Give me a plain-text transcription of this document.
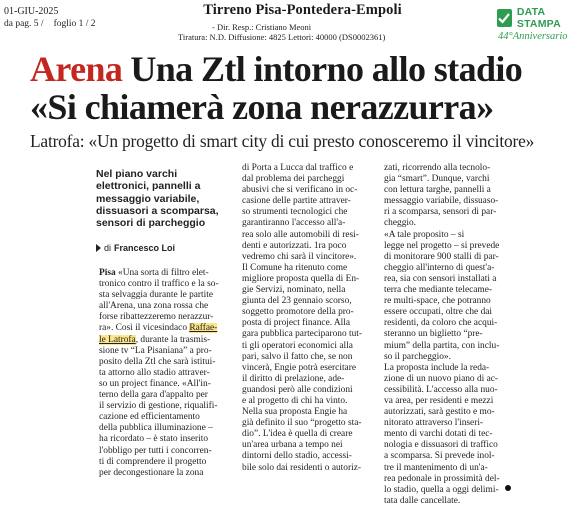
01-GIU-2025
da pag. 5 / foglio 1 / 2
Tirreno Pisa-Pontedera-Empoli
- Dir. Resp.: Cristiano Meoni
Tiratura: N.D. Diffusione: 4825 Lettori: 40000 (DS0002361)
DATA STAMPA
44°Anniversario
Arena Una Ztl intorno allo stadio
«Si chiamerà zona nerazzurra»
Latrofa: «Un progetto di smart city di cui presto conosceremo il vincitore»
Nel piano varchi elettronici, pannelli a messaggio variabile, dissuasori a scomparsa, sensori di parcheggio
di Francesco Loi
Pisa «Una sorta di filtro elet-
tronico contro il traffico e la so-
sta selvaggia durante le partite
all'Arena, una zona rossa che
forse ribattezzeremo nerazzur-
ra». Così il vicesindaco Raffae-
le Latrofa, durante la trasmis-
sione tv “La Pisaniana” a pro-
posito della Ztl che sarà istitui-
ta attorno allo stadio attraver-
so un project finance. «All'in-
terno della gara d'appalto per
il servizio di gestione, riqualifi-
cazione ed efficientamento
della pubblica illuminazione –
ha ricordato – è stato inserito
l'obbligo per tutti i concorren-
ti di comprendere il progetto
per decongestionare la zona
di Porta a Lucca dal traffico e
dal problema dei parcheggi
abusivi che si verificano in oc-
casione delle partite attraver-
so strumenti tecnologici che
garantiranno l'accesso all'a-
rea solo alle automobili di resi-
denti e autorizzati. 1ra poco
vedremo chi sarà il vincitore».
Il Comune ha ritenuto come
migliore proposta quella di En-
gie Servizi, nominato, nella
giunta del 23 gennaio scorso,
soggetto promotore della pro-
posta di project finance. Alla
gara pubblica parteciparono tut-
ti gli operatori economici alla
pari, salvo il fatto che, se non
vincerà, Engie potrà esercitare
il diritto di prelazione, ade-
guandosi però alle condizioni
e al progetto di chi ha vinto.
Nella sua proposta Engie ha
già definito il suo “progetto sta-
dio”. L'idea è quella di creare
un'area urbana a tempo nei
dintorni dello stadio, accessi-
bile solo dai residenti o autoriz-
zati, ricorrendo alla tecnolo-
gia “smart”. Dunque, varchi
con lettura targhe, pannelli a
messaggio variabile, dissuaso-
ri a scomparsa, sensori di par-
cheggio.
«A tale proposito – si
legge nel progetto – si prevede
di monitorare 900 stalli di par-
cheggio all'interno di quest'a-
rea, sia con sensori installati a
terra che mediante telecame-
re multi-space, che potranno
essere occupati, oltre che dai
residenti, da coloro che acqui-
steranno un biglietto “pre-
mium” della partita, con inclu-
so il parcheggio».
La proposta include la reda-
zione di un nuovo piano di ac-
cessibilità. L'accesso alla nuo-
va area, per residenti e mezzi
autorizzati, sarà gestito e mo-
nitorato attraverso l'inseri-
mento di varchi dotati di tec-
nologia e dissuasori di traffico
a scomparsa. Si prevede inol-
tre il mantenimento di un'a-
rea pedonale in prossimità del-
lo stadio, quella a oggi delimi-
tata dalle cancellate.
